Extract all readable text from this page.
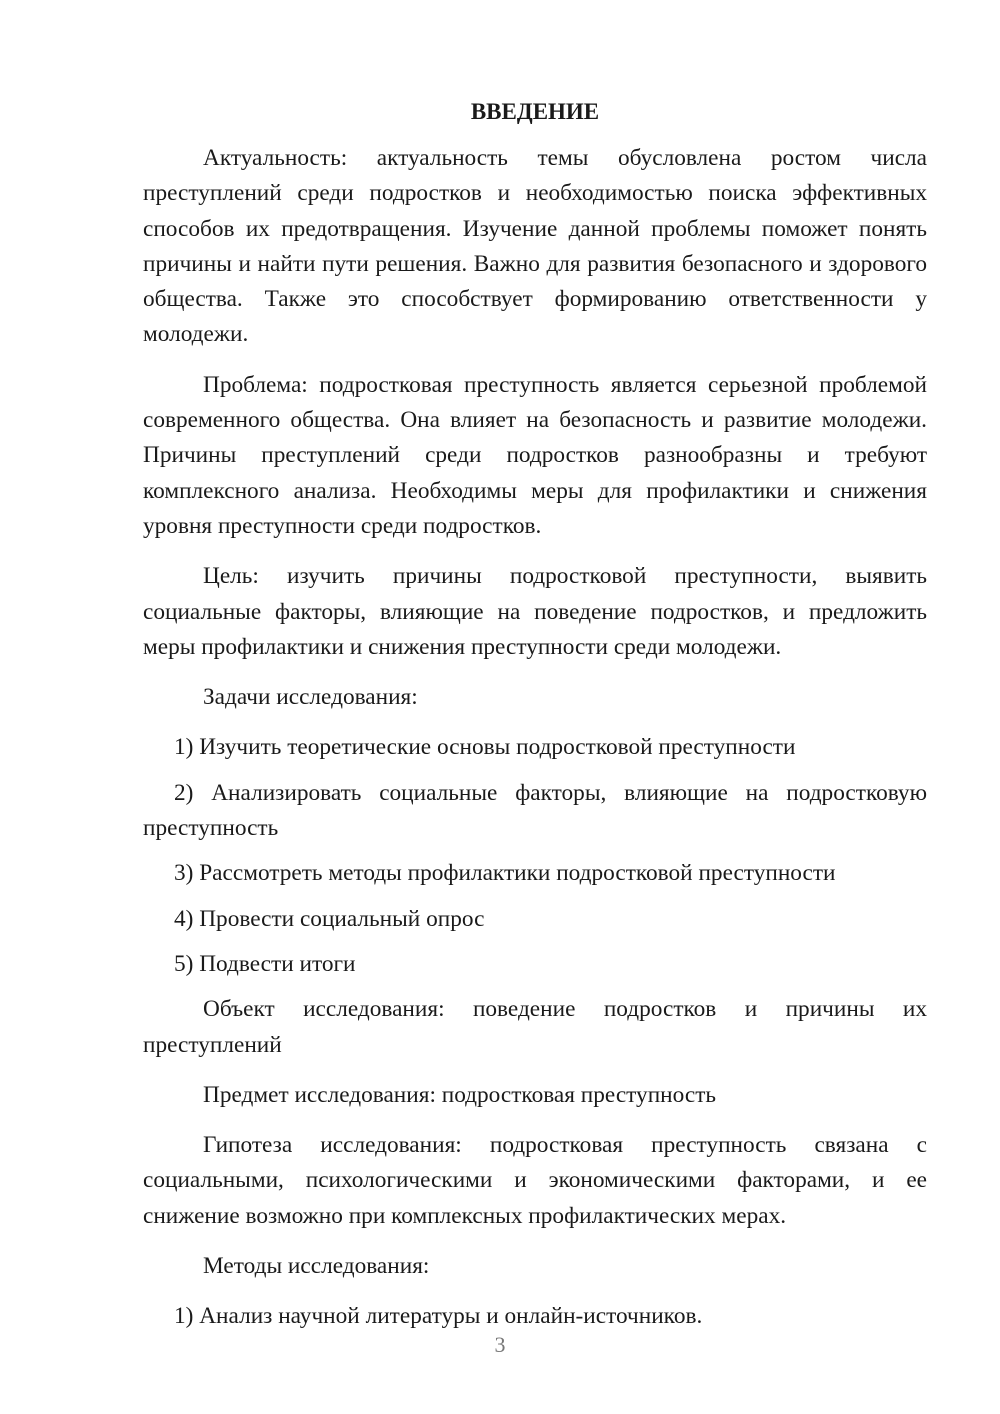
ВВЕДЕНИЕ

Актуальность: актуальность темы обусловлена ростом числа преступлений среди подростков и необходимостью поиска эффективных способов их предотвращения. Изучение данной проблемы поможет понять причины и найти пути решения. Важно для развития безопасного и здорового общества. Также это способствует формированию ответственности у молодежи.

Проблема: подростковая преступность является серьезной проблемой современного общества. Она влияет на безопасность и развитие молодежи. Причины преступлений среди подростков разнообразны и требуют комплексного анализа. Необходимы меры для профилактики и снижения уровня преступности среди подростков.

Цель: изучить причины подростковой преступности, выявить социальные факторы, влияющие на поведение подростков, и предложить меры профилактики и снижения преступности среди молодежи.

Задачи исследования:

1) Изучить теоретические основы подростковой преступности
2) Анализировать социальные факторы, влияющие на подростковую преступность
3) Рассмотреть методы профилактики подростковой преступности
4) Провести социальный опрос
5) Подвести итоги

Объект исследования: поведение подростков и причины их преступлений

Предмет исследования: подростковая преступность

Гипотеза исследования: подростковая преступность связана с социальными, психологическими и экономическими факторами, и ее снижение возможно при комплексных профилактических мерах.

Методы исследования:

1) Анализ научной литературы и онлайн-источников.
3
